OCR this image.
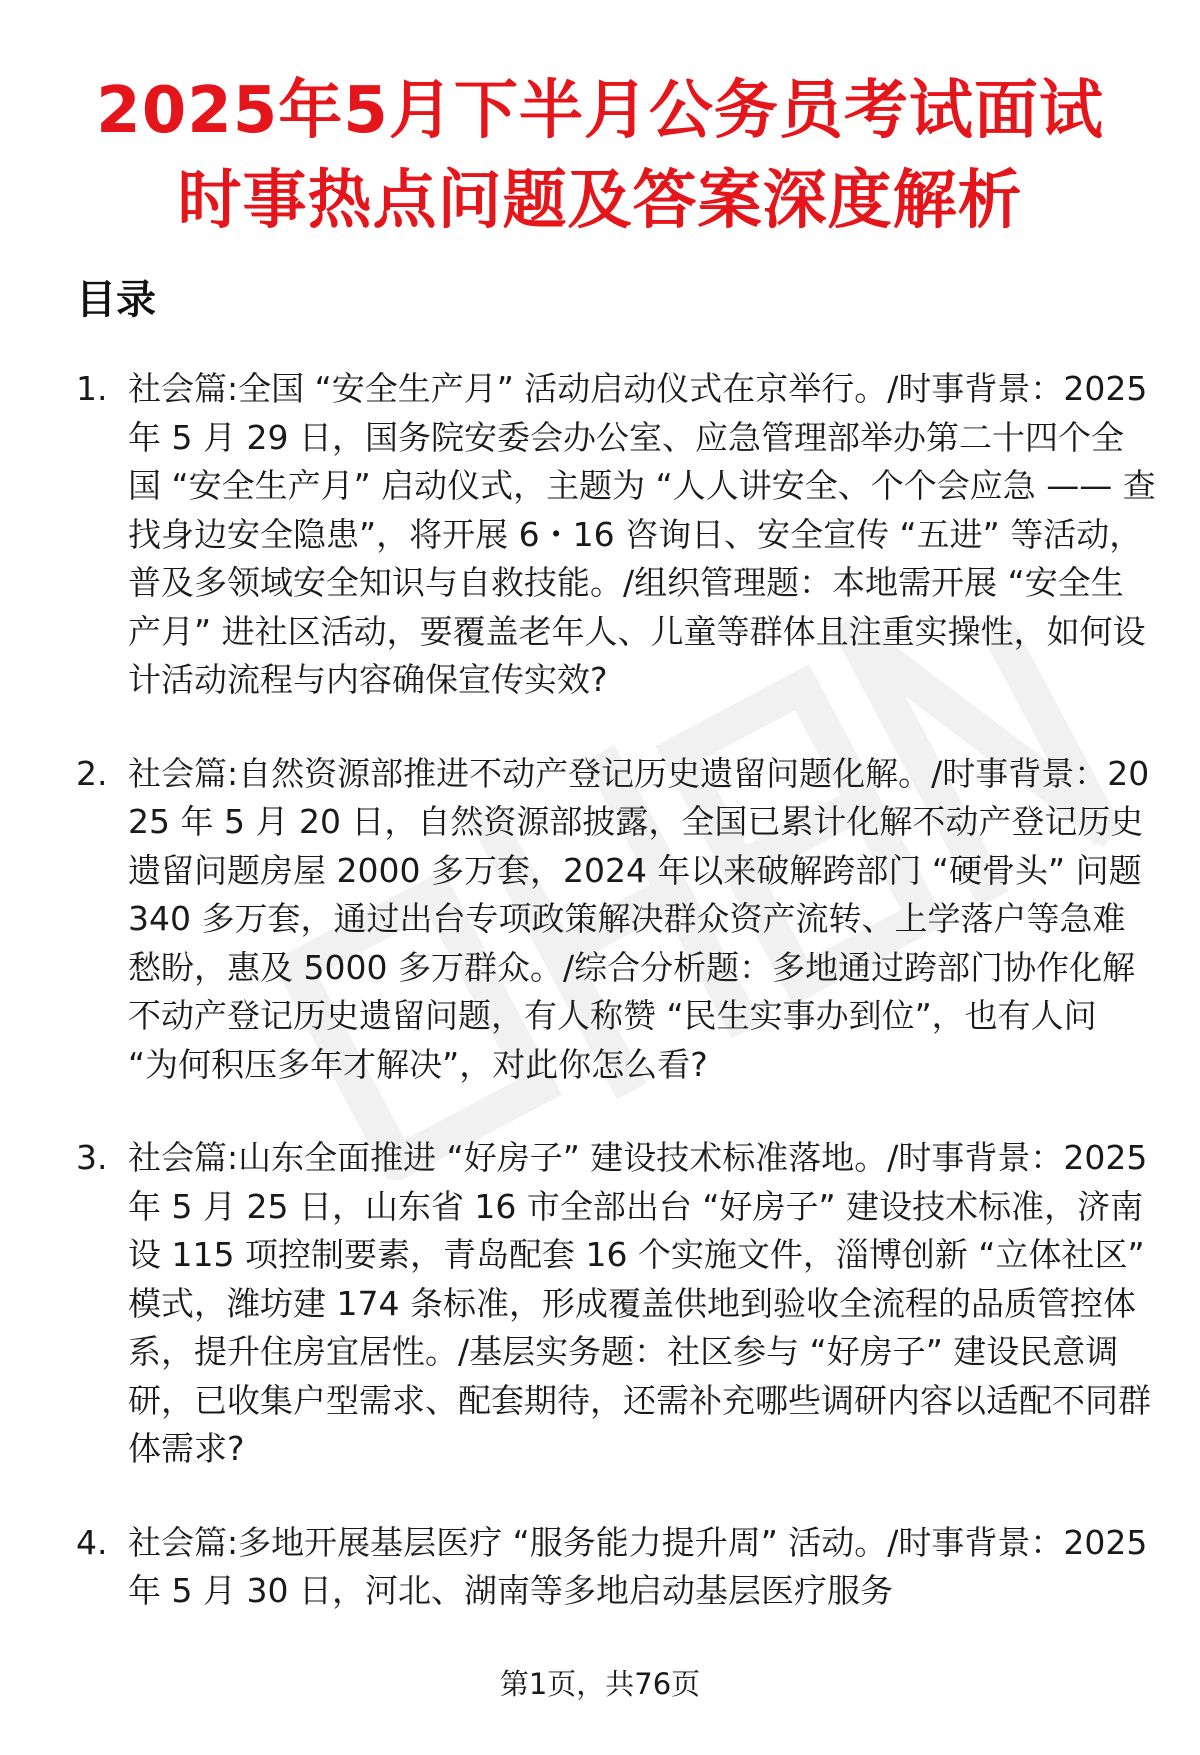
2025年5月下半月公务员考试面试
时事热点问题及答案深度解析
目录
1. 社会篇:全国 “安全生产月” 活动启动仪式在京举行。/时事背景：2025 年 5 月 29 日，国务院安委会办公室、应急管理部举办第二十四个全国 “安全生产月” 启动仪式，主题为 “人人讲安全、个个会应急 —— 查找身边安全隐患”，将开展 6・16 咨询日、安全宣传 “五进” 等活动，普及多领域安全知识与自救技能。/组织管理题：本地需开展 “安全生产月” 进社区活动，要覆盖老年人、儿童等群体且注重实操性，如何设计活动流程与内容确保宣传实效?
2. 社会篇:自然资源部推进不动产登记历史遗留问题化解。/时事背景：2025 年 5 月 20 日，自然资源部披露，全国已累计化解不动产登记历史遗留问题房屋 2000 多万套，2024 年以来破解跨部门 “硬骨头” 问题 340 多万套，通过出台专项政策解决群众资产流转、上学落户等急难愁盼，惠及 5000 多万群众。/综合分析题：多地通过跨部门协作化解不动产登记历史遗留问题，有人称赞 “民生实事办到位”，也有人问 “为何积压多年才解决”，对此你怎么看?
3. 社会篇:山东全面推进 “好房子” 建设技术标准落地。/时事背景：2025 年 5 月 25 日，山东省 16 市全部出台 “好房子” 建设技术标准，济南设 115 项控制要素，青岛配套 16 个实施文件，淄博创新 “立体社区” 模式，潍坊建 174 条标准，形成覆盖供地到验收全流程的品质管控体系，提升住房宜居性。/基层实务题：社区参与 “好房子” 建设民意调研，已收集户型需求、配套期待，还需补充哪些调研内容以适配不同群体需求?
4. 社会篇:多地开展基层医疗 “服务能力提升周” 活动。/时事背景：2025 年 5 月 30 日，河北、湖南等多地启动基层医疗服务
第1页，共76页
